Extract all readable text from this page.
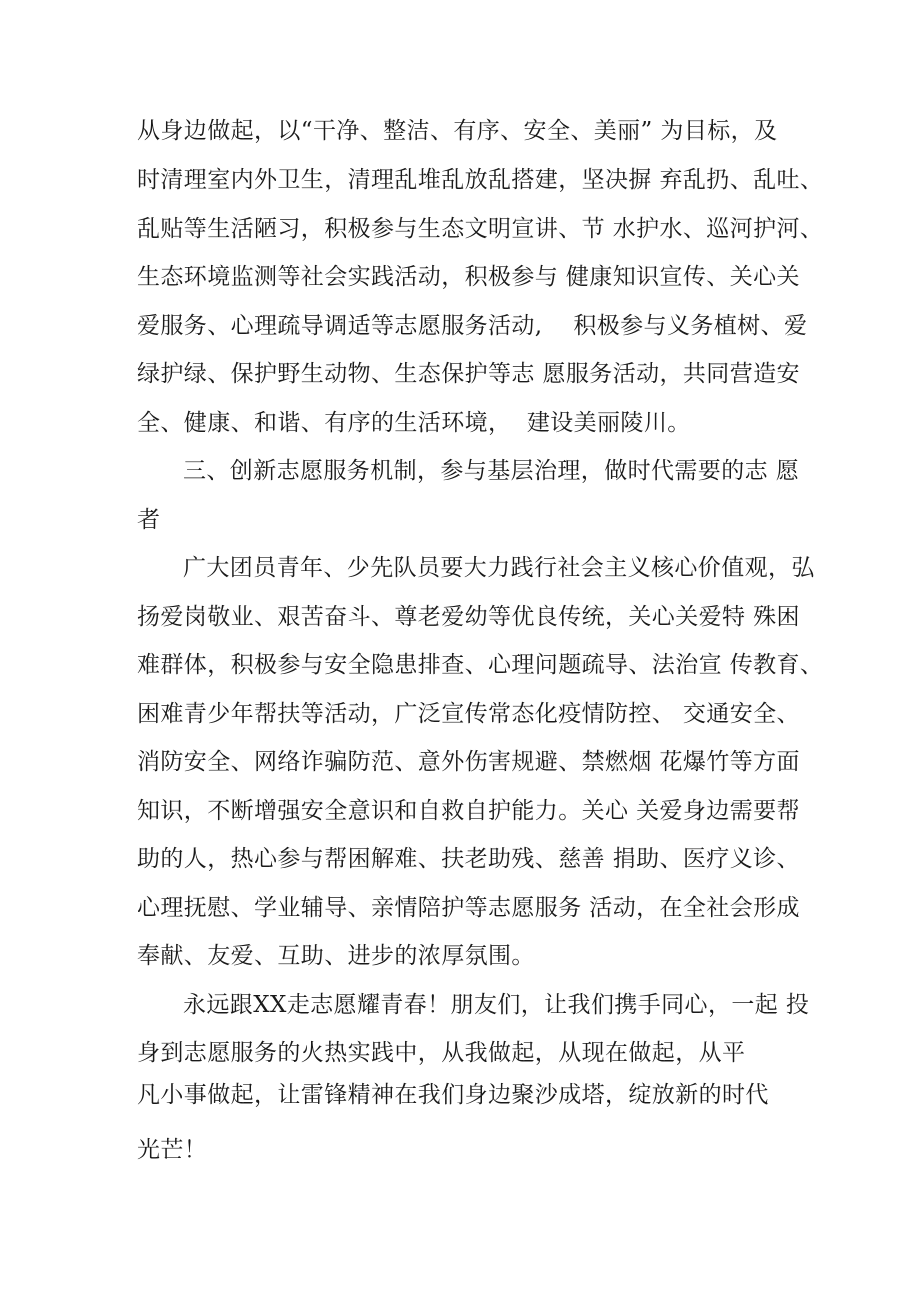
从身边做起，以“干净、整洁、有序、安全、美丽” 为目标，及
时清理室内外卫生，清理乱堆乱放乱搭建，坚决摒 弃乱扔、乱吐、
乱贴等生活陋习，积极参与生态文明宣讲、节 水护水、巡河护河、
生态环境监测等社会实践活动，积极参与 健康知识宣传、关心关
爱服务、心理疏导调适等志愿服务活动,    积极参与义务植树、爱
绿护绿、保护野生动物、生态保护等志 愿服务活动，共同营造安
全、健康、和谐、有序的生活环境，  建设美丽陵川。
三、创新志愿服务机制，参与基层治理，做时代需要的志 愿
者
广大团员青年、少先队员要大力践行社会主义核心价值观，弘
扬爱岗敬业、艰苦奋斗、尊老爱幼等优良传统，关心关爱特 殊困
难群体，积极参与安全隐患排查、心理问题疏导、法治宣 传教育、
困难青少年帮扶等活动，广泛宣传常态化疫情防控、 交通安全、
消防安全、网络诈骗防范、意外伤害规避、禁燃烟 花爆竹等方面
知识，不断增强安全意识和自救自护能力。关心 关爱身边需要帮
助的人，热心参与帮困解难、扶老助残、慈善 捐助、医疗义诊、
心理抚慰、学业辅导、亲情陪护等志愿服务 活动，在全社会形成
奉献、友爱、互助、进步的浓厚氛围。
永远跟XX走志愿耀青春！朋友们，让我们携手同心，一起 投
身到志愿服务的火热实践中，从我做起，从现在做起，从平
凡小事做起，让雷锋精神在我们身边聚沙成塔，绽放新的时代
光芒！
